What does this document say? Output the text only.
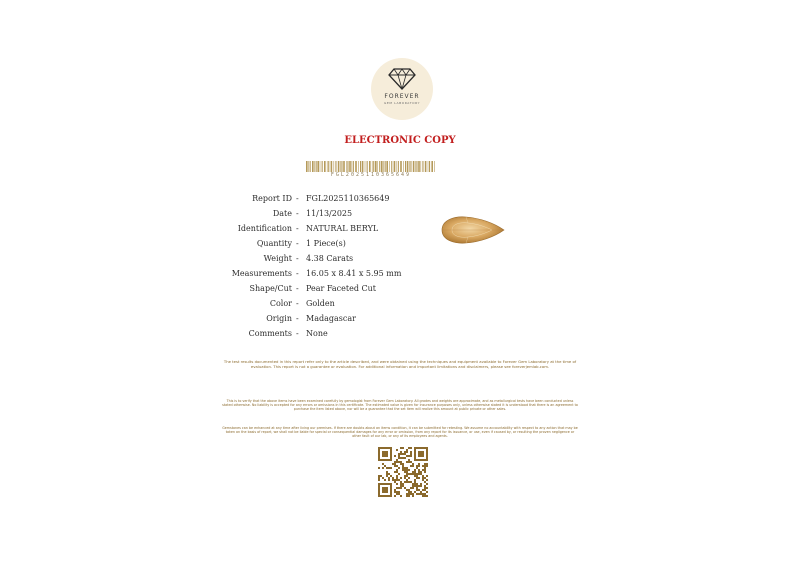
FOREVER
GEM LABORATORY
ELECTRONIC COPY
FGL2025110365649
Report ID - FGL2025110365649
Date - 11/13/2025
Identification - NATURAL BERYL
Quantity - 1 Piece(s)
Weight - 4.38 Carats
Measurements - 16.05 x 8.41 x 5.95 mm
Shape/Cut - Pear Faceted Cut
Color - Golden
Origin - Madagascar
Comments - None
The test results documented in this report refer only to the article described, and were obtained using the techniques and equipment available to Forever Gem Laboratory at the time of evaluation. This report is not a guarantee or evaluation. For additional information and important limitations and disclaimers, please see foreverjemlab.com.
This is to verify that the above items have been examined carefully by gemologist from Forever Gem Laboratory. All grades and weights are approximate, and as metallurgical tests have been conducted unless stated otherwise. No liability is accepted for any errors or omissions in this certificate. The estimated value is given for insurance purposes only, unless otherwise stated it is understood that there is an agreement to purchase the item listed above, nor will be a guarantee that the set item will realize this amount at public private or other sales.
Gemstones can be enhanced at any time after living our premises. If there are doubts about an items condition, it can be submitted for retesting. We assume no accountability with respect to any action that may be taken on the basis of report, we shall not be liable for special or consequential damages for any error or omission, from any report for its issuance, or use, even if caused by, or resulting the proven negligence or other fault of our lab, or any of its employees and agents.
